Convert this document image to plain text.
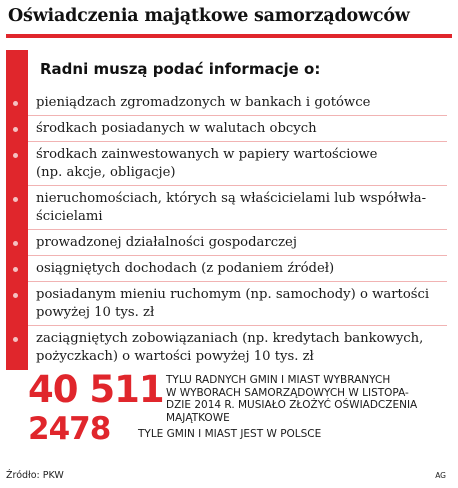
Oświadczenia majątkowe samorządowców
Radni muszą podać informacje o:
pieniądzach zgromadzonych w bankach i gotówce
środkach posiadanych w walutach obcych
środkach zainwestowanych w papiery wartościowe
(np. akcje, obligacje)
nieruchomościach, których są właścicielami lub współwła-
ścicielami
prowadzonej działalności gospodarczej
osiągniętych dochodach (z podaniem źródeł)
posiadanym mieniu ruchomym (np. samochody) o wartości
powyżej 10 tys. zł
zaciągniętych zobowiązaniach (np. kredytach bankowych,
pożyczkach) o wartości powyżej 10 tys. zł
40 511 TYLU RADNYCH GMIN I MIAST WYBRANYCH
W WYBORACH SAMORZĄDOWYCH W LISTOPA-
DZIE 2014 R. MUSIAŁO ZŁOŻYĆ OŚWIADCZENIA
MAJĄTKOWE
2478	TYLE GMIN I MIAST JEST W POLSCE
Źródło: PKW	AG
